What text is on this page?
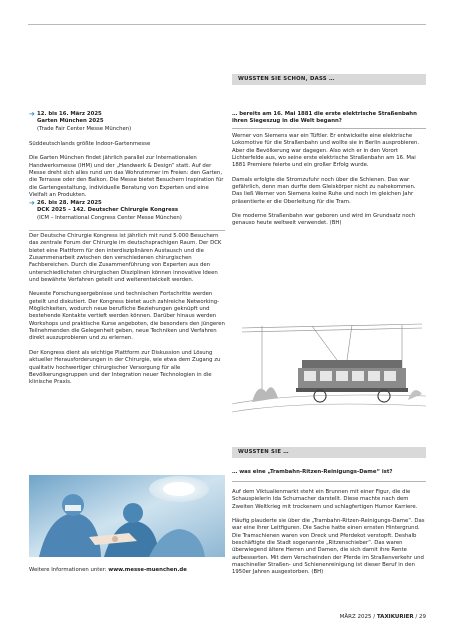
WUSSTEN SIE SCHON, DASS …
➔ 12. bis 16. März 2025
Garten München 2025
(Trade Fair Center Messe München)

Süddeutschlands größte Indoor-Gartenmesse

Die Garten München findet jährlich parallel zur Internationalen Handwerksmesse (IHM) und der „Handwerk & Design“ statt. Auf der Messe dreht sich alles rund um das Wohnzimmer im Freien: den Garten, die Terrasse oder den Balkon. Die Messe bietet Besuchern Inspiration für die Gartengestaltung, individuelle Beratung von Experten und eine Vielfalt an Produkten.

➔ 26. bis 28. März 2025
DCK 2025 – 142. Deutscher Chirurgie Kongress
(ICM – International Congress Center Messe München)

Der Deutsche Chirurgie Kongress ist jährlich mit rund 5.000 Besuchern das zentrale Forum der Chirurgie im deutschsprachigen Raum. Der DCK bietet eine Plattform für den interdisziplinären Austausch und die Zusammenarbeit zwischen den verschiedenen chirurgischen Fachbereichen. Durch die Zusammenführung von Experten aus den unterschiedlichsten chirurgischen Disziplinen können innovative Ideen und bewährte Verfahren geteilt und weiterentwickelt werden.

Neueste Forschungsergebnisse und technischen Fortschritte werden geteilt und diskutiert. Der Kongress bietet auch zahlreiche Networking-Möglichkeiten, wodurch neue berufliche Beziehungen geknüpft und bestehende Kontakte vertieft werden können. Darüber hinaus werden Workshops und praktische Kurse angeboten, die besonders den jüngeren Teilnehmenden die Gelegenheit geben, neue Techniken und Verfahren direkt auszuprobieren und zu erlernen.

Der Kongress dient als wichtige Plattform zur Diskussion und Lösung aktueller Herausforderungen in der Chirurgie, wie etwa dem Zugang zu qualitativ hochwertiger chirurgischer Versorgung für alle Bevölkerungsgruppen und der Integration neuer Technologien in die klinische Praxis.

Weitere Informationen unter: www.messe-muenchen.de

… bereits am 16. Mai 1881 die erste elektrische Straßenbahn ihren Siegeszug in die Welt begann?

Werner von Siemens war ein Tüftler. Er entwickelte eine elektrische Lokomotive für die Straßenbahn und wollte sie in Berlin ausprobieren. Aber die Bevölkerung war dagegen. Also wich er in den Vorort Lichterfelde aus, wo seine erste elektrische Straßenbahn am 16. Mai 1881 Premiere feierte und ein großer Erfolg wurde.

Damals erfolgte die Stromzufuhr noch über die Schienen. Das war gefährlich, denn man durfte dem Gleiskörper nicht zu nahekommen. Das ließ Werner von Siemens keine Ruhe und noch im gleichen Jahr präsentierte er die Oberleitung für die Tram.

Die moderne Straßenbahn war geboren und wird im Grundsatz noch genauso heute weltweit verwendet. (BH)

WUSSTEN SIE …

… was eine „Trambahn-Ritzen-Reinigungs-Dame“ ist?

Auf dem Viktualienmarkt steht ein Brunnen mit einer Figur, die die Schauspielerin Ida Schumacher darstellt. Diese machte nach dem Zweiten Weltkrieg mit trockenem und schlagfertigen Humor Karriere.

Häufig plauderte sie über die „Trambahn-Ritzen-Reinigungs-Dame“. Das war eine ihrer Leitfiguren. Die Sache hatte einen ernsten Hintergrund. Die Tramschienen waren von Dreck und Pferdekot verstopft. Deshalb beschäftigte die Stadt sogenannte „Ritzenschieber“. Das waren überwiegend ältere Herren und Damen, die sich damit ihre Rente aufbesserten. Mit dem Verschwinden der Pferde im Straßenverkehr und maschineller Straßen- und Schienenreinigung ist dieser Beruf in den 1950er Jahren ausgestorben. (BH)

MÄRZ 2025 / TAXIKURIER / 29
